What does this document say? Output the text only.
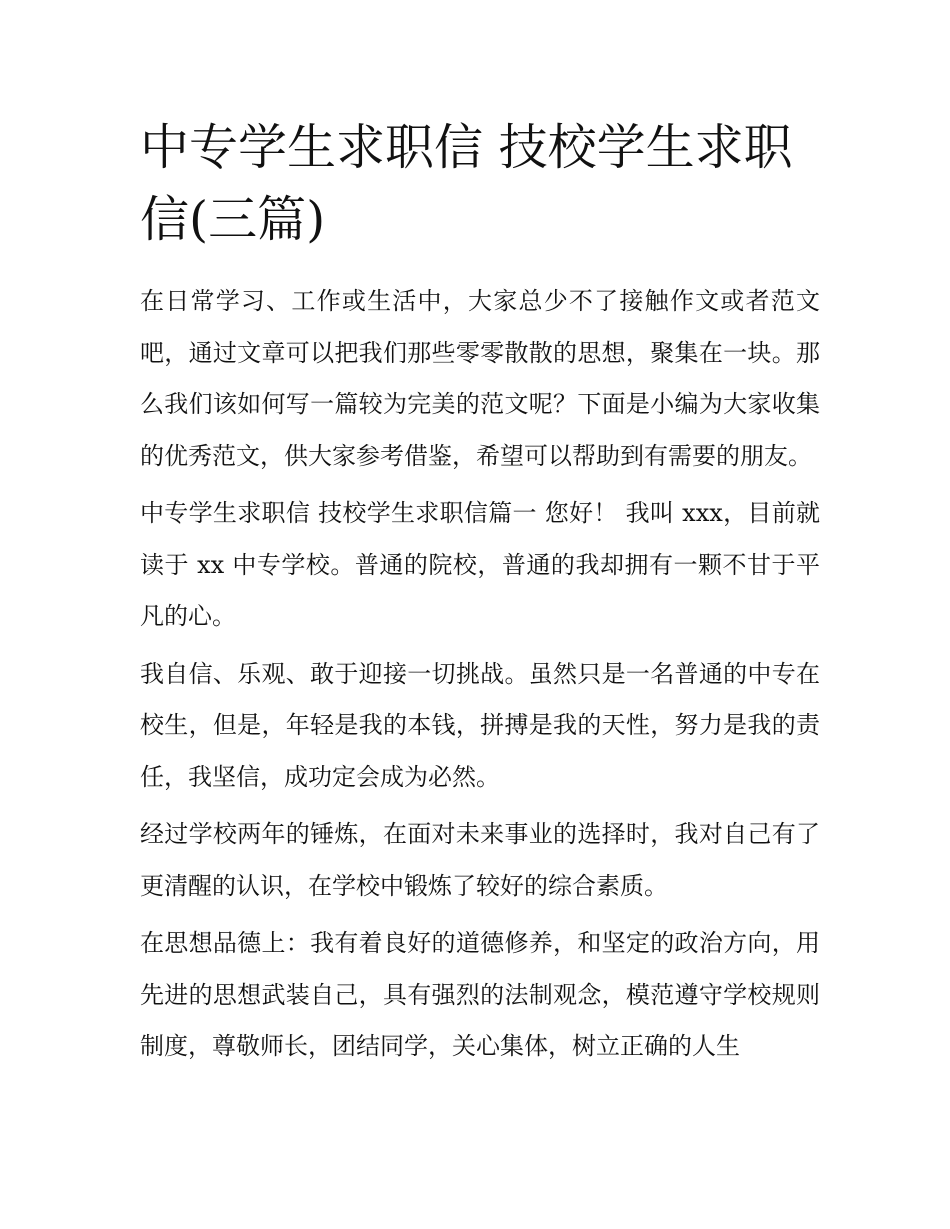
中专学生求职信 技校学生求职信(三篇)

在日常学习、工作或生活中，大家总少不了接触作文或者范文吧，通过文章可以把我们那些零零散散的思想，聚集在一块。那么我们该如何写一篇较为完美的范文呢？下面是小编为大家收集的优秀范文，供大家参考借鉴，希望可以帮助到有需要的朋友。

中专学生求职信 技校学生求职信篇一 您好！ 我叫 xxx，目前就读于 xx 中专学校。普通的院校，普通的我却拥有一颗不甘于平凡的心。

我自信、乐观、敢于迎接一切挑战。虽然只是一名普通的中专在校生，但是，年轻是我的本钱，拼搏是我的天性，努力是我的责任，我坚信，成功定会成为必然。

经过学校两年的锤炼，在面对未来事业的选择时，我对自己有了更清醒的认识，在学校中锻炼了较好的综合素质。

在思想品德上：我有着良好的道德修养，和坚定的政治方向，用先进的思想武装自己，具有强烈的法制观念，模范遵守学校规则制度，尊敬师长，团结同学，关心集体，树立正确的人生
